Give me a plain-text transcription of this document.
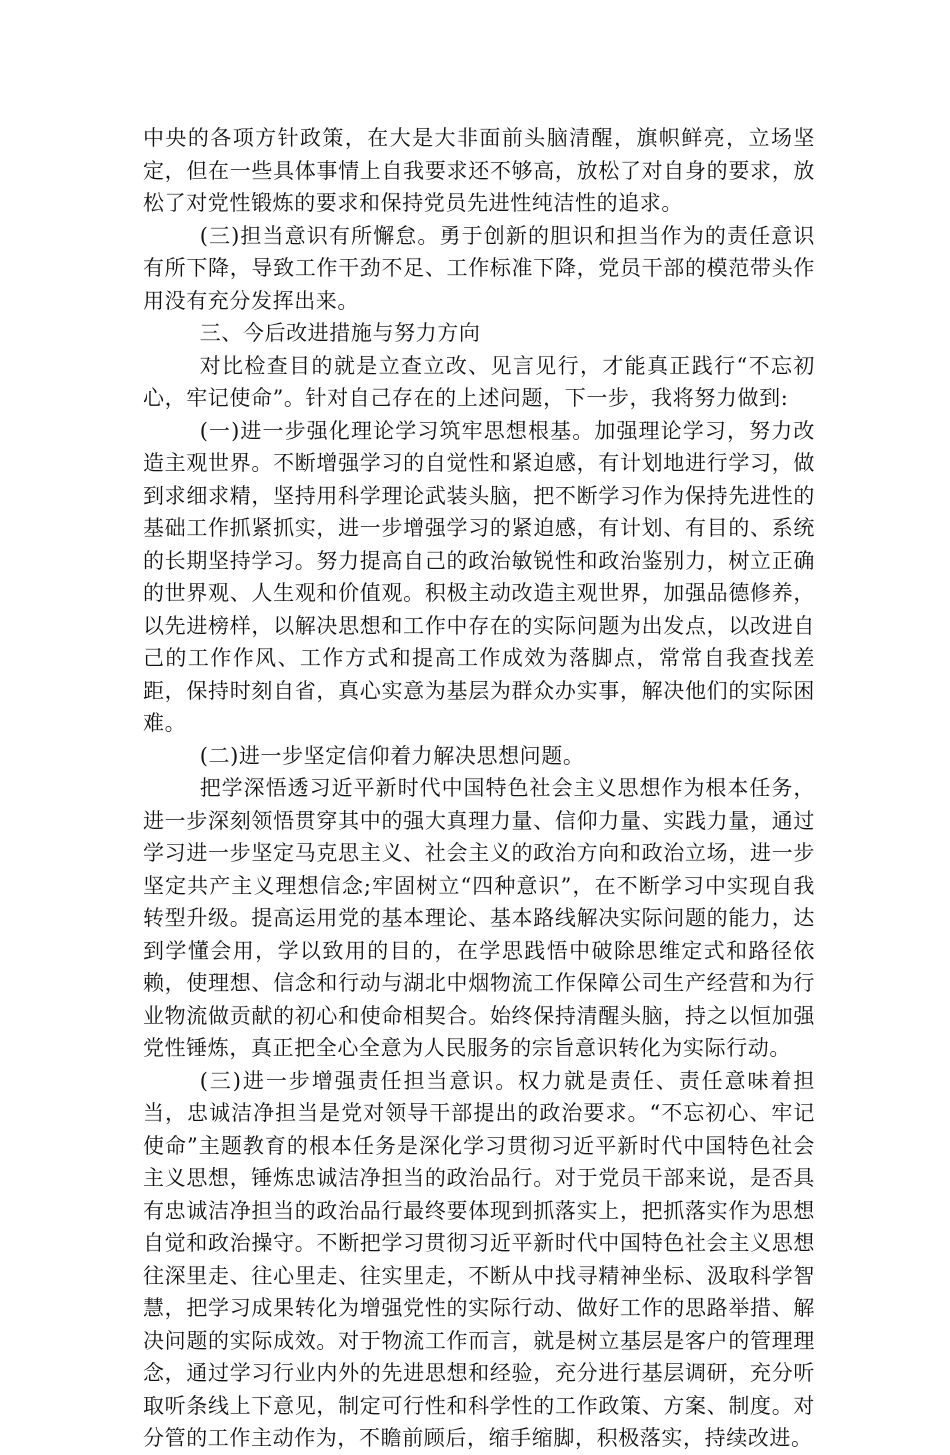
中央的各项方针政策，在大是大非面前头脑清醒，旗帜鲜亮，立场坚定，但在一些具体事情上自我要求还不够高，放松了对自身的要求，放松了对党性锻炼的要求和保持党员先进性纯洁性的追求。

(三)担当意识有所懈怠。勇于创新的胆识和担当作为的责任意识有所下降，导致工作干劲不足、工作标准下降，党员干部的模范带头作用没有充分发挥出来。

三、今后改进措施与努力方向

对比检查目的就是立查立改、见言见行，才能真正践行“不忘初心，牢记使命”。针对自己存在的上述问题，下一步，我将努力做到:

(一)进一步强化理论学习筑牢思想根基。加强理论学习，努力改造主观世界。不断增强学习的自觉性和紧迫感，有计划地进行学习，做到求细求精，坚持用科学理论武装头脑，把不断学习作为保持先进性的基础工作抓紧抓实，进一步增强学习的紧迫感，有计划、有目的、系统的长期坚持学习。努力提高自己的政治敏锐性和政治鉴别力，树立正确的世界观、人生观和价值观。积极主动改造主观世界，加强品德修养，以先进榜样，以解决思想和工作中存在的实际问题为出发点，以改进自己的工作作风、工作方式和提高工作成效为落脚点，常常自我查找差距，保持时刻自省，真心实意为基层为群众办实事，解决他们的实际困难。

(二)进一步坚定信仰着力解决思想问题。

把学深悟透习近平新时代中国特色社会主义思想作为根本任务，进一步深刻领悟贯穿其中的强大真理力量、信仰力量、实践力量，通过学习进一步坚定马克思主义、社会主义的政治方向和政治立场，进一步坚定共产主义理想信念;牢固树立“四种意识”，在不断学习中实现自我转型升级。提高运用党的基本理论、基本路线解决实际问题的能力，达到学懂会用，学以致用的目的，在学思践悟中破除思维定式和路径依赖，使理想、信念和行动与湖北中烟物流工作保障公司生产经营和为行业物流做贡献的初心和使命相契合。始终保持清醒头脑，持之以恒加强党性锤炼，真正把全心全意为人民服务的宗旨意识转化为实际行动。

(三)进一步增强责任担当意识。权力就是责任、责任意味着担当，忠诚洁净担当是党对领导干部提出的政治要求。“不忘初心、牢记使命”主题教育的根本任务是深化学习贯彻习近平新时代中国特色社会主义思想，锤炼忠诚洁净担当的政治品行。对于党员干部来说，是否具有忠诚洁净担当的政治品行最终要体现到抓落实上，把抓落实作为思想自觉和政治操守。不断把学习贯彻习近平新时代中国特色社会主义思想往深里走、往心里走、往实里走，不断从中找寻精神坐标、汲取科学智慧，把学习成果转化为增强党性的实际行动、做好工作的思路举措、解决问题的实际成效。对于物流工作而言，就是树立基层是客户的管理理念，通过学习行业内外的先进思想和经验，充分进行基层调研，充分听取听条线上下意见，制定可行性和科学性的工作政策、方案、制度。对分管的工作主动作为，不瞻前顾后，缩手缩脚，积极落实，持续改进。
